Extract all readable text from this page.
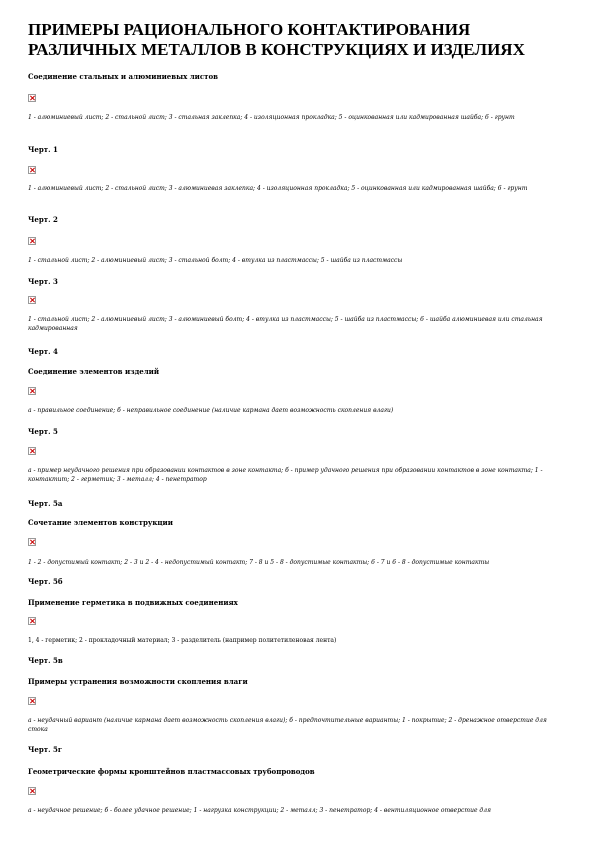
ПРИМЕРЫ РАЦИОНАЛЬНОГО КОНТАКТИРОВАНИЯ РАЗЛИЧНЫХ МЕТАЛЛОВ В КОНСТРУКЦИЯХ И ИЗДЕЛИЯХ
Соединение стальных и алюминиевых листов
1 - алюминиевый лист; 2 - стальной лист; 3 - стальная заклепка; 4 - изоляционная прокладка; 5 - оцинкованная или кадмированная шайба; 6 - грунт
Черт. 1
1 - алюминиевый лист; 2 - стальной лист; 3 - алюминиевая заклепка; 4 - изоляционная прокладка; 5 - оцинкованная или кадмированная шайба; 6 - грунт
Черт. 2
1 - стальной лист; 2 - алюминиевый лист; 3 - стальной болт; 4 - втулка из пластмассы; 5 - шайба из пластмассы
Черт. 3
1 - стальной лист; 2 - алюминиевый лист; 3 - алюминиевый болт; 4 - втулка из пластмассы; 5 - шайба из пластмассы; 6 - шайба алюминиевая или стальная кадмированная
Черт. 4
Соединение элементов изделий
а - правильное соединение; б - неправильное соединение (наличие кармана дает возможность скопления влаги)
Черт. 5
а - пример неудачного решения при образовании контактов в зоне контакта; б - пример удачного решения при образовании контактов в зоне контакта; 1 - контактит; 2 - герметик; 3 - металл; 4 - пенетратор
Черт. 5а
Сочетание элементов конструкции
1 - 2 - допустимый контакт; 2 - 3 и 2 - 4 - недопустимый контакт; 7 - 8 и 5 - 8 - допустимые контакты; 6 - 7 и 6 - 8 - допустимые контакты
Черт. 5б
Применение герметика в подвижных соединениях
1, 4 - герметик; 2 - прокладочный материал; 3 - разделитель (например политетиленовая лента)
Черт. 5в
Примеры устранения возможности скопления влаги
а - неудачный вариант (наличие кармана дает возможность скопления влаги); б - предпочтительные варианты; 1 - покрытие; 2 - дренажное отверстие для стока
Черт. 5г
Геометрические формы кронштейнов пластмассовых трубопроводов
а - неудачное решение; б - более удачное решение; 1 - нагрузка конструкции; 2 - металл; 3 - пенетратор; 4 - вентиляционное отверстие для
